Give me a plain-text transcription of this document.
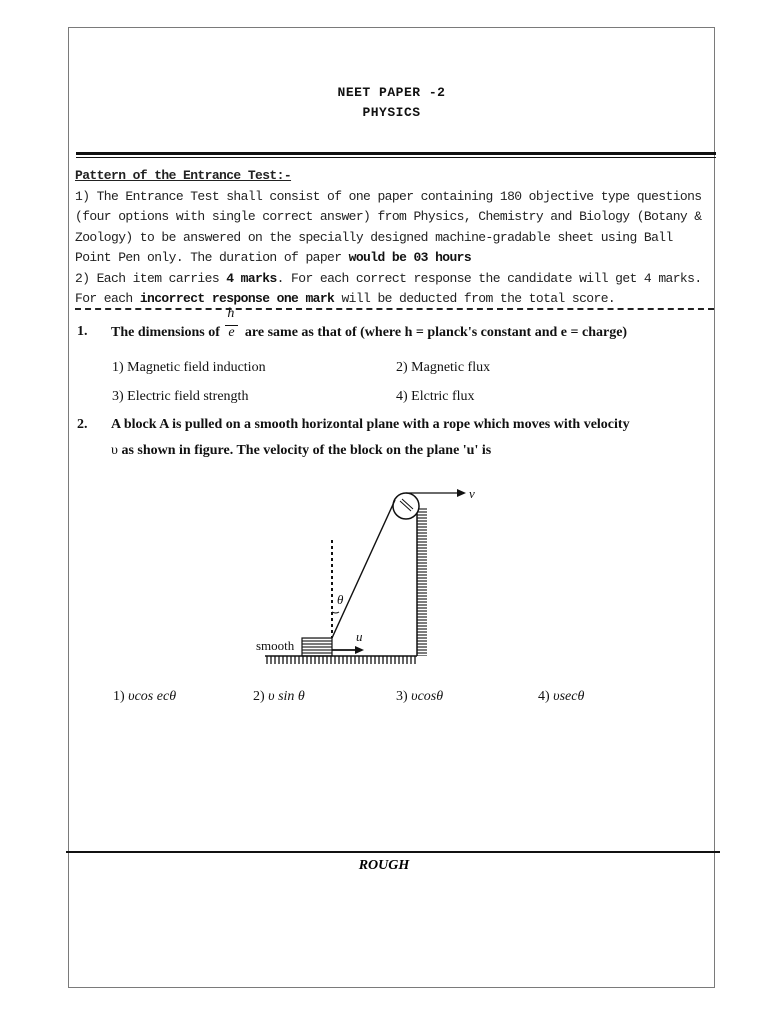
NEET PAPER -2
PHYSICS
Pattern of the Entrance Test:-
1) The Entrance Test shall consist of one paper containing 180 objective type questions (four options with single correct answer) from Physics, Chemistry and Biology (Botany & Zoology) to be answered on the specially designed machine-gradable sheet using Ball Point Pen only. The duration of paper would be 03 hours
2) Each item carries 4 marks. For each correct response the candidate will get 4 marks. For each incorrect response one mark will be deducted from the total score.
1. The dimensions of $\frac{h}{e}$ are same as that of (where h = planck's constant and e = charge)
1) Magnetic field induction	2) Magnetic flux
3) Electric field strength	4) Elctric flux
2. A block A is pulled on a smooth horizontal plane with a rope which moves with velocity
υ as shown in figure. The velocity of the block on the plane 'u' is
1) υcos ecθ	2) υ sin θ	3) υcosθ	4) υsecθ
v
θ
u
smooth
ROUGH
